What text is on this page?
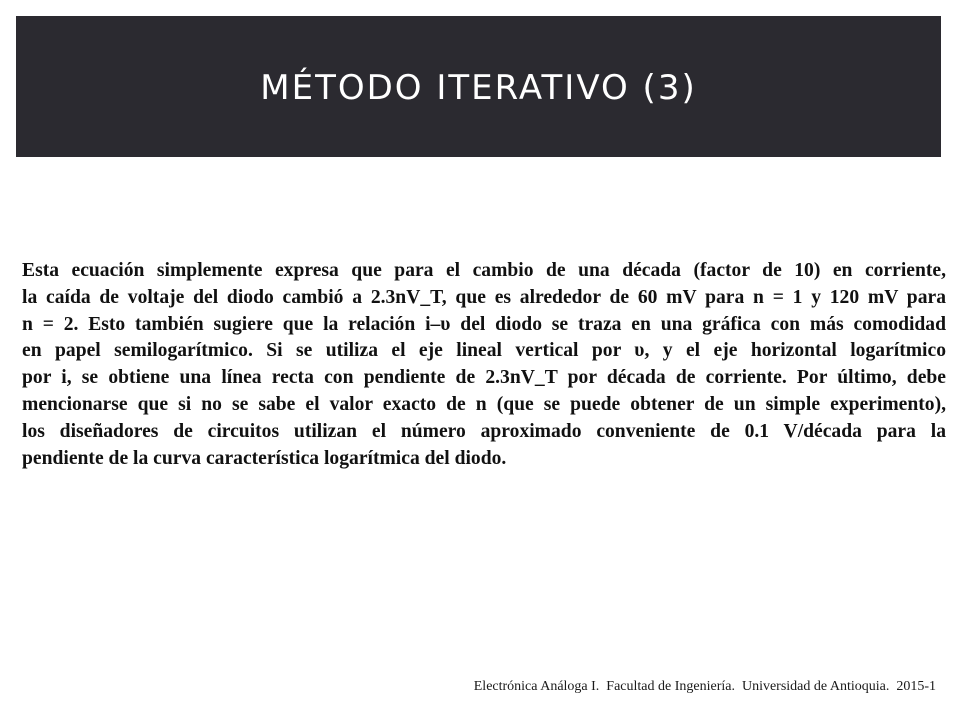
MÉTODO ITERATIVO (3)
Esta ecuación simplemente expresa que para el cambio de una década (factor de 10) en corriente,
la caída de voltaje del diodo cambió a 2.3nV_T, que es alrededor de 60 mV para n = 1 y 120 mV para
n = 2. Esto también sugiere que la relación i–υ del diodo se traza en una gráfica con más comodidad
en papel semilogarítmico. Si se utiliza el eje lineal vertical por υ, y el eje horizontal logarítmico
por i, se obtiene una línea recta con pendiente de 2.3nV_T por década de corriente. Por último, debe
mencionarse que si no se sabe el valor exacto de n (que se puede obtener de un simple experimento),
los diseñadores de circuitos utilizan el número aproximado conveniente de 0.1 V/década para la
pendiente de la curva característica logarítmica del diodo.
Electrónica Análoga I.  Facultad de Ingeniería.  Universidad de Antioquia.  2015-1
